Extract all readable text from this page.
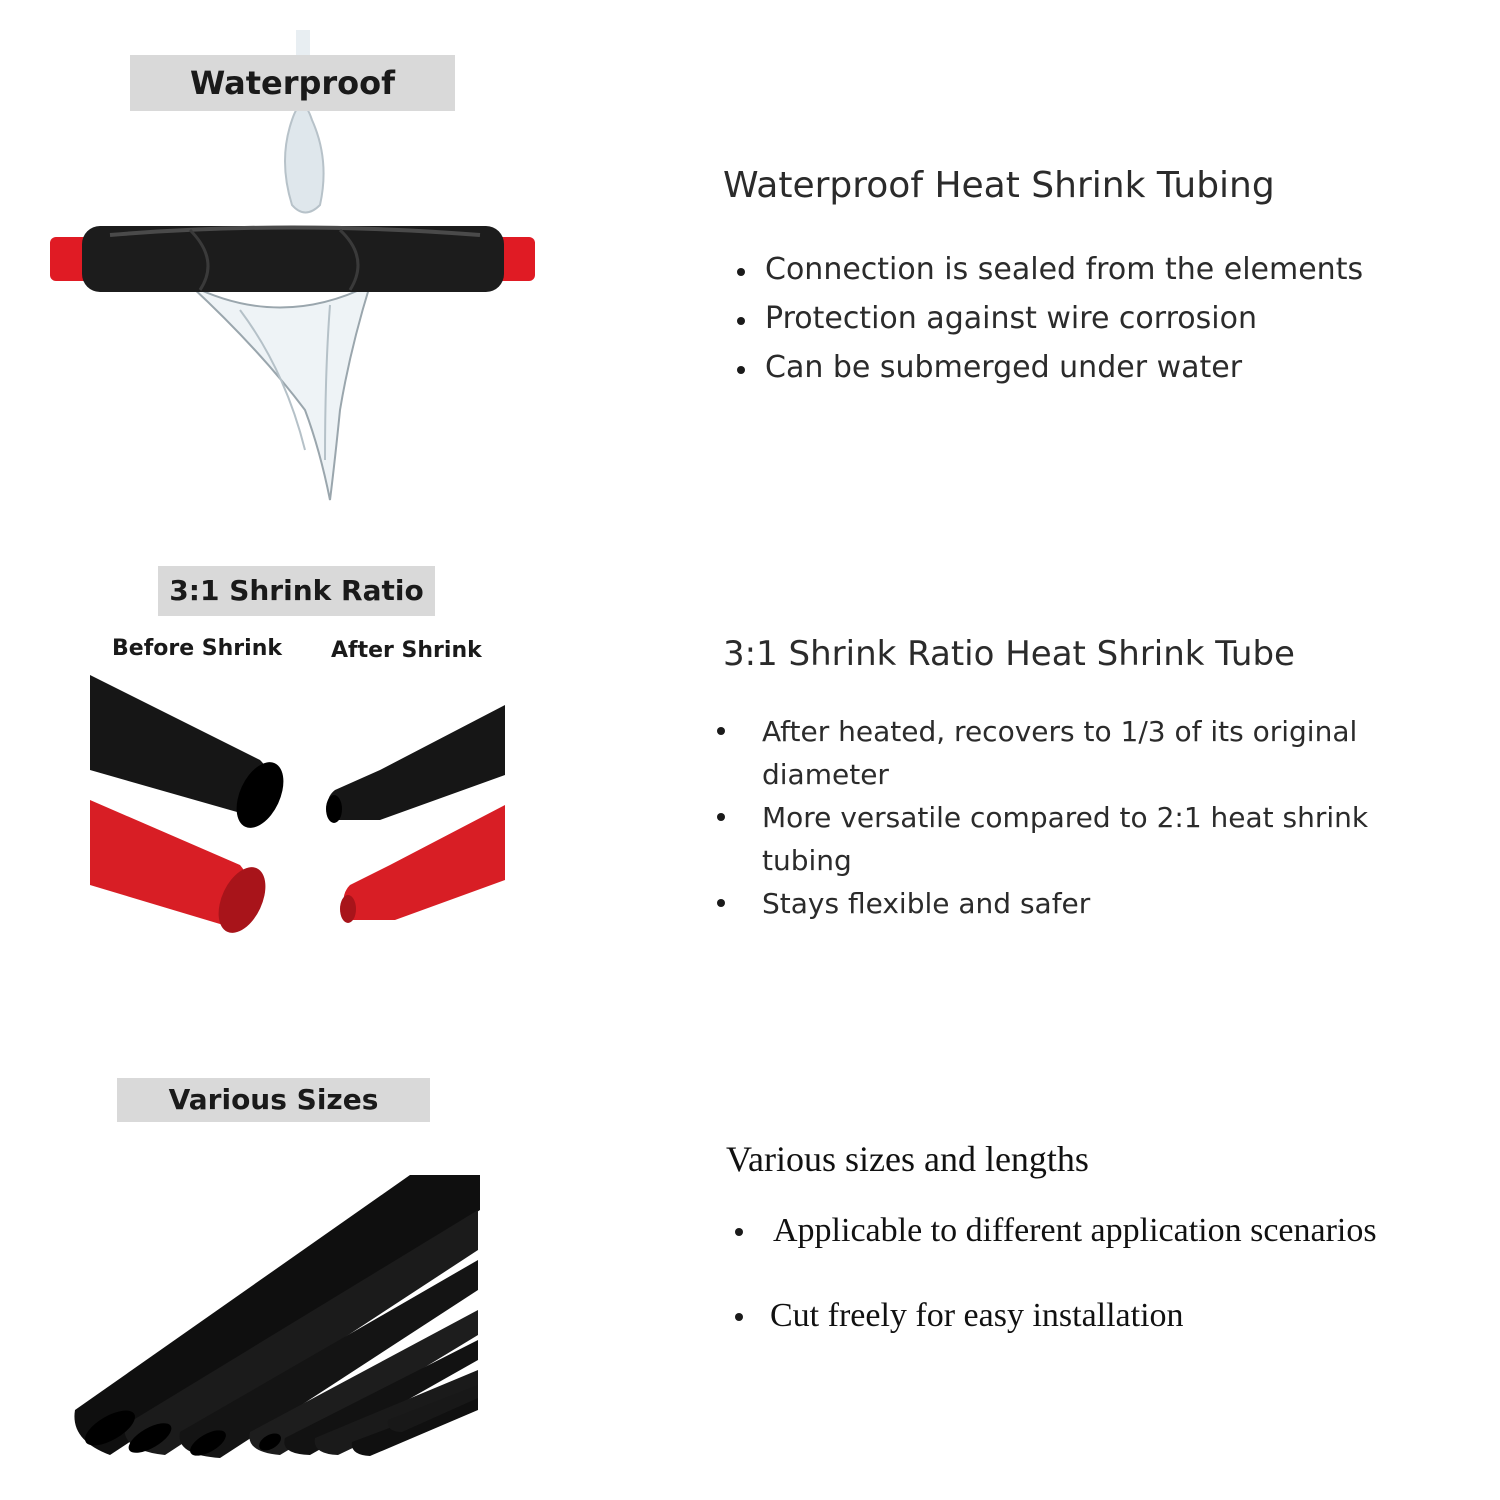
Waterproof
Waterproof Heat Shrink Tubing
Connection is sealed from the elements
Protection against wire corrosion
Can be submerged under water
3:1 Shrink Ratio
Before Shrink After Shrink	3:1 Shrink Ratio Heat Shrink Tube
After heated, recovers to 1/3 of its original diameter
More versatile compared to 2:1 heat shrink tubing
Stays flexible and safer
Various Sizes
Various sizes and lengths
Applicable to different application scenarios
Cut freely for easy installation
